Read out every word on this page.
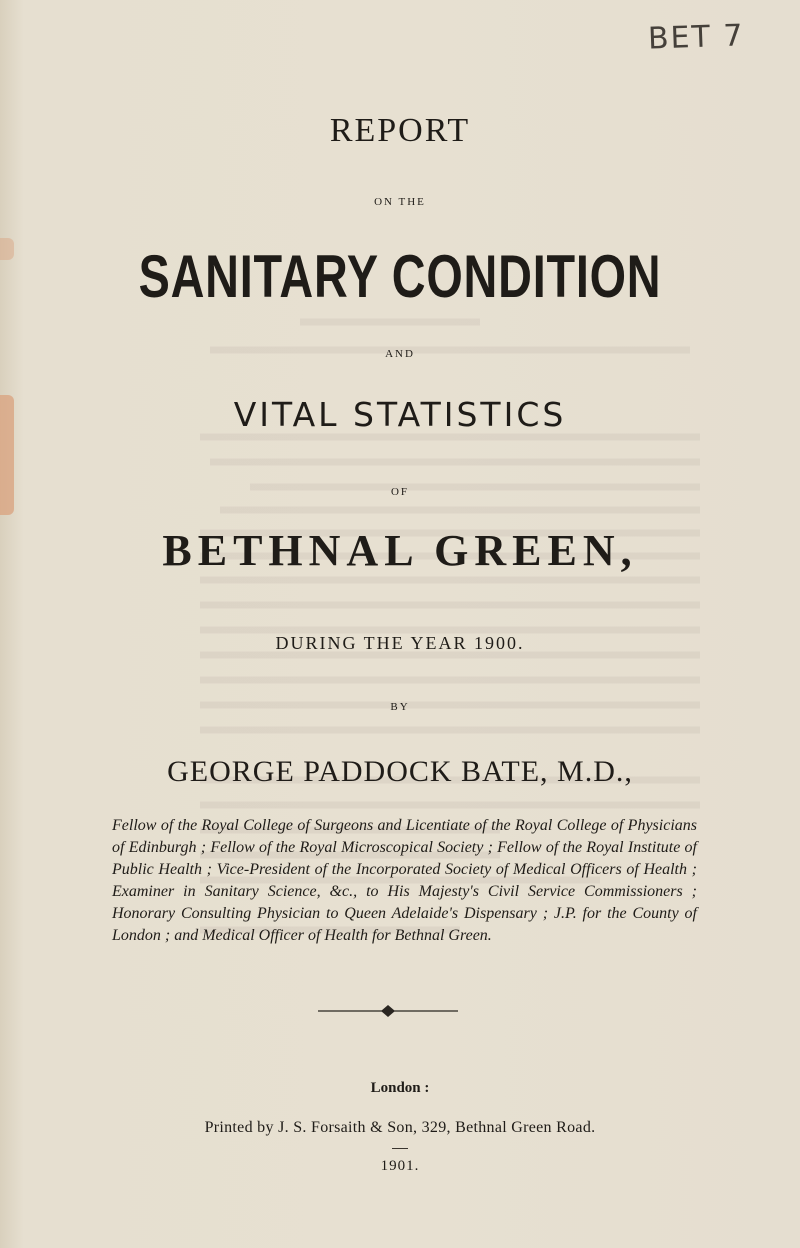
BET 7
REPORT
ON THE
SANITARY CONDITION
AND
VITAL STATISTICS
OF
BETHNAL GREEN,
DURING THE YEAR 1900.
BY
GEORGE PADDOCK BATE, M.D.,
Fellow of the Royal College of Surgeons and Licentiate of the Royal College of Physicians of Edinburgh ; Fellow of the Royal Microscopical Society ; Fellow of the Royal Institute of Public Health ; Vice-President of the Incorporated Society of Medical Officers of Health ; Examiner in Sanitary Science, &c., to His Majesty's Civil Service Commissioners ; Honorary Consulting Physician to Queen Adelaide's Dispensary ; J.P. for the County of London ; and Medical Officer of Health for Bethnal Green.
London :
Printed by J. S. Forsaith & Son, 329, Bethnal Green Road.
1901.
